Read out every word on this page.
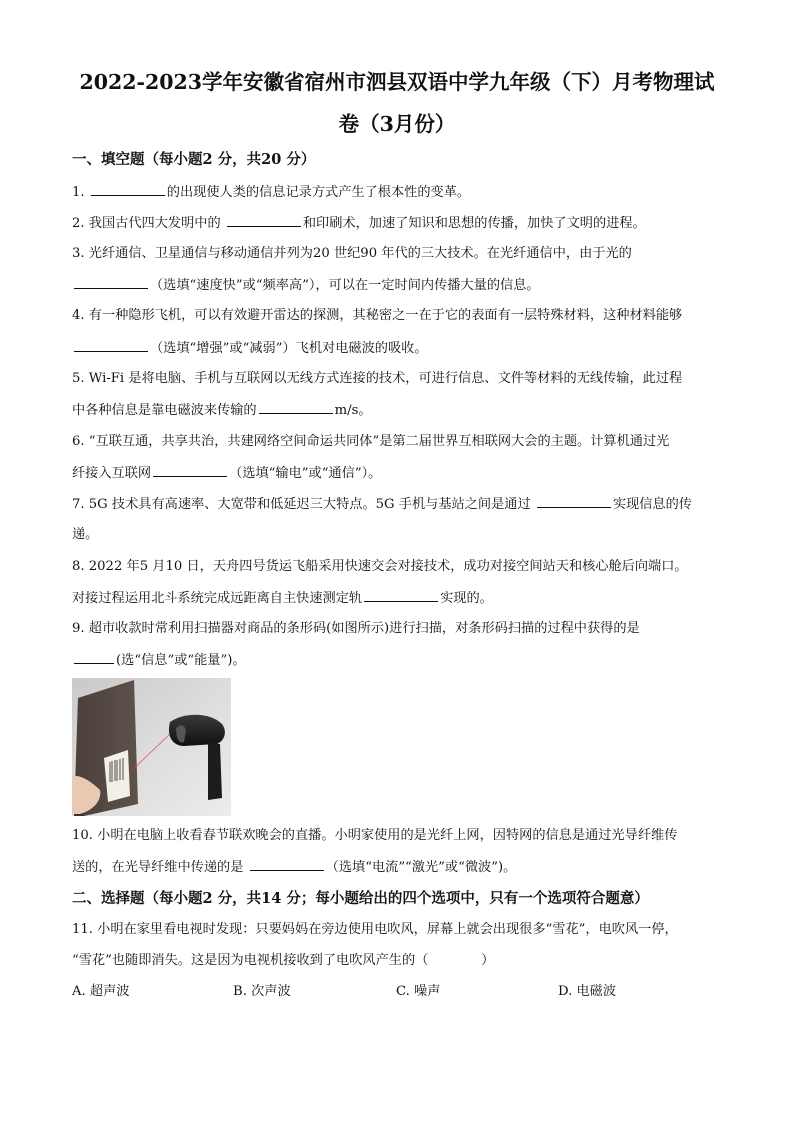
2022-2023学年安徽省宿州市泗县双语中学九年级（下）月考物理试

卷（3月份）

一、填空题（每小题2 分，共20 分）

1.	的出现使人类的信息记录方式产生了根本性的变革。

2. 我国古代四大发明中的	和印刷术，加速了知识和思想的传播，加快了文明的进程。

3. 光纤通信、卫星通信与移动通信并列为20 世纪90 年代的三大技术。在光纤通信中，由于光的

（选填“速度快”或“频率高”），可以在一定时间内传播大量的信息。

4. 有一种隐形飞机，可以有效避开雷达的探测，其秘密之一在于它的表面有一层特殊材料，这种材料能够

（选填“增强”或“减弱”）飞机对电磁波的吸收。

5. Wi-Fi 是将电脑、手机与互联网以无线方式连接的技术，可进行信息、文件等材料的无线传输，此过程

中各种信息是靠电磁波来传输的	m/s。

6. “互联互通，共享共治，共建网络空间命运共同体”是第二届世界互相联网大会的主题。计算机通过光

纤接入互联网	（选填“输电”或“通信”）。

7. 5G 技术具有高速率、大宽带和低延迟三大特点。5G 手机与基站之间是通过	实现信息的传

递。

8. 2022 年5 月10 日，天舟四号货运飞船采用快速交会对接技术，成功对接空间站天和核心舱后向端口。

对接过程运用北斗系统完成远距离自主快速测定轨	实现的。

9. 超市收款时常利用扫描器对商品的条形码(如图所示)进行扫描，对条形码扫描的过程中获得的是

(选“信息”或“能量”)。

10. 小明在电脑上收看春节联欢晚会的直播。小明家使用的是光纤上网，因特网的信息是通过光导纤维传

送的，在光导纤维中传递的是	（选填“电流”“激光”或“微波”)。

二、选择题（每小题2 分，共14 分；每小题给出的四个选项中，只有一个选项符合题意）

11. 小明在家里看电视时发现：只要妈妈在旁边使用电吹风，屏幕上就会出现很多“雪花”，电吹风一停，

“雪花”也随即消失。这是因为电视机接收到了电吹风产生的（　　　　）

A. 超声波	B. 次声波	C. 噪声	D. 电磁波
